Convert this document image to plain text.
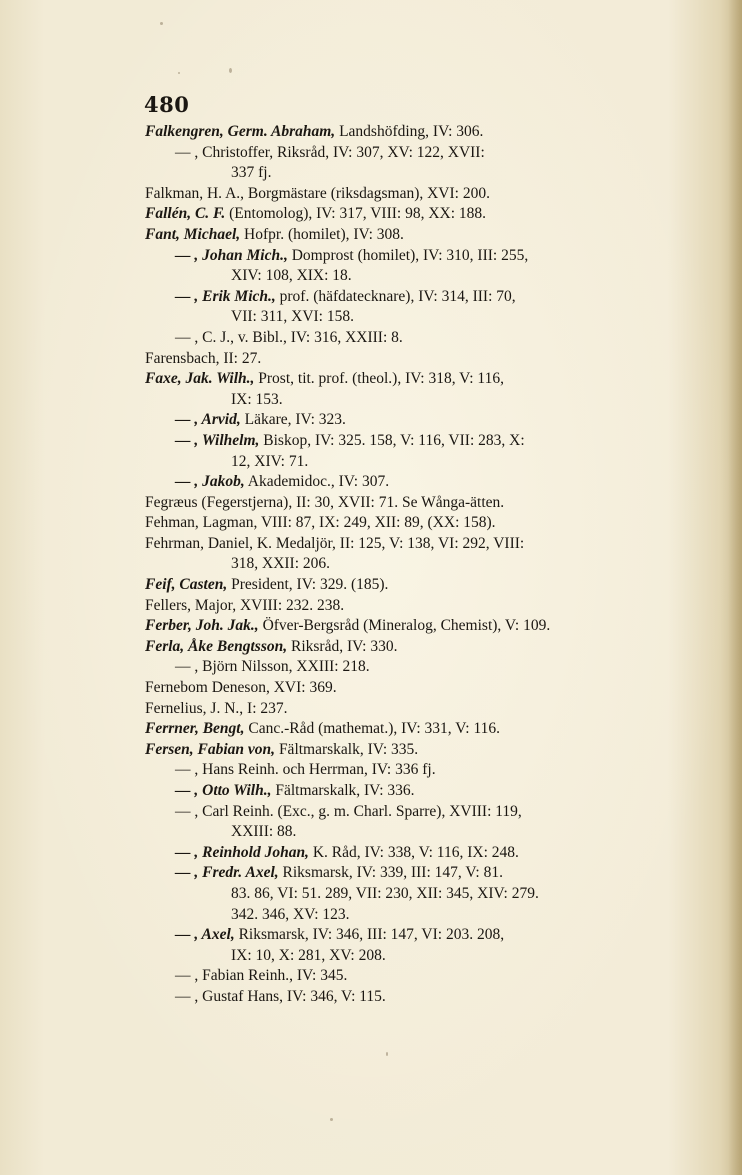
480
Falkengren, Germ. Abraham, Landshöfding, IV: 306.
— , Christoffer, Riksråd, IV: 307, XV: 122, XVII:
337 fj.
Falkman, H. A., Borgmästare (riksdagsman), XVI: 200.
Fallén, C. F. (Entomolog), IV: 317, VIII: 98, XX: 188.
Fant, Michael, Hofpr. (homilet), IV: 308.
— , Johan Mich., Domprost (homilet), IV: 310, III: 255,
XIV: 108, XIX: 18.
— , Erik Mich., prof. (häfdatecknare), IV: 314, III: 70,
VII: 311, XVI: 158.
— , C. J., v. Bibl., IV: 316, XXIII: 8.
Farensbach, II: 27.
Faxe, Jak. Wilh., Prost, tit. prof. (theol.), IV: 318, V: 116,
IX: 153.
— , Arvid, Läkare, IV: 323.
— , Wilhelm, Biskop, IV: 325. 158, V: 116, VII: 283, X:
12, XIV: 71.
— , Jakob, Akademidoc., IV: 307.
Fegræus (Fegerstjerna), II: 30, XVII: 71. Se Wånga-ätten.
Fehman, Lagman, VIII: 87, IX: 249, XII: 89, (XX: 158).
Fehrman, Daniel, K. Medaljör, II: 125, V: 138, VI: 292, VIII:
318, XXII: 206.
Feif, Casten, President, IV: 329. (185).
Fellers, Major, XVIII: 232. 238.
Ferber, Joh. Jak., Öfver-Bergsråd (Mineralog, Chemist), V: 109.
Ferla, Åke Bengtsson, Riksråd, IV: 330.
— , Björn Nilsson, XXIII: 218.
Fernebom Deneson, XVI: 369.
Fernelius, J. N., I: 237.
Ferrner, Bengt, Canc.-Råd (mathemat.), IV: 331, V: 116.
Fersen, Fabian von, Fältmarskalk, IV: 335.
— , Hans Reinh. och Herrman, IV: 336 fj.
— , Otto Wilh., Fältmarskalk, IV: 336.
— , Carl Reinh. (Exc., g. m. Charl. Sparre), XVIII: 119,
XXIII: 88.
— , Reinhold Johan, K. Råd, IV: 338, V: 116, IX: 248.
— , Fredr. Axel, Riksmarsk, IV: 339, III: 147, V: 81.
83. 86, VI: 51. 289, VII: 230, XII: 345, XIV: 279.
342. 346, XV: 123.
— , Axel, Riksmarsk, IV: 346, III: 147, VI: 203. 208,
IX: 10, X: 281, XV: 208.
— , Fabian Reinh., IV: 345.
— , Gustaf Hans, IV: 346, V: 115.
